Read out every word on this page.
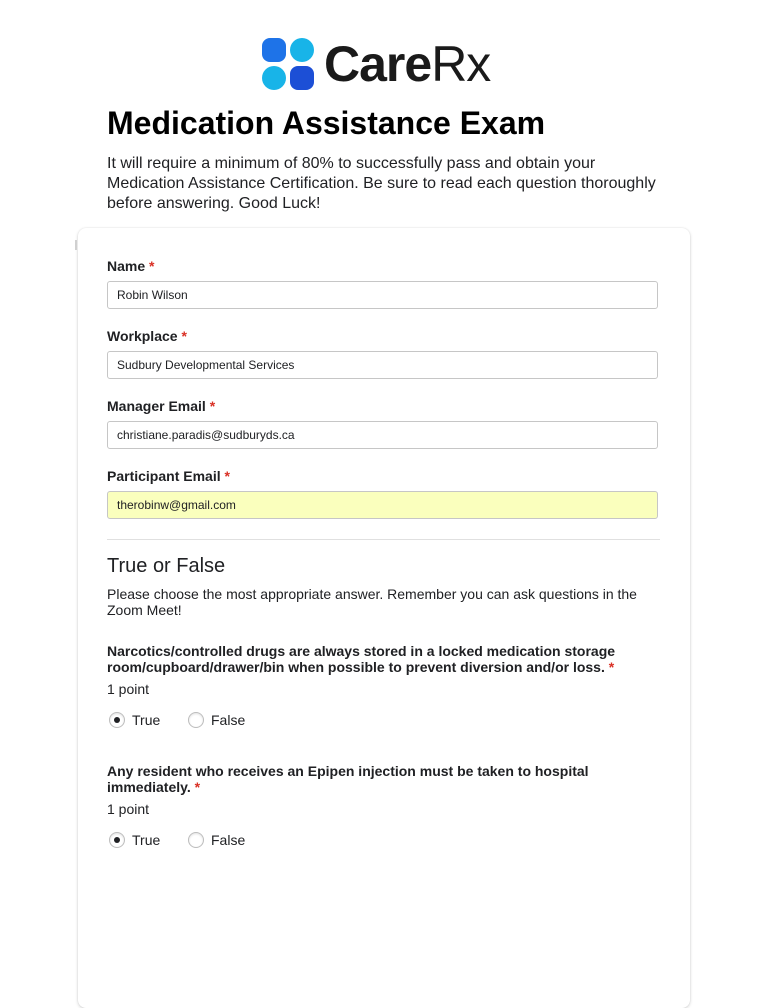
CareRx
Medication Assistance Exam

It will require a minimum of 80% to successfully pass and obtain your Medication Assistance Certification. Be sure to read each question thoroughly before answering. Good Luck!

Name *
Robin Wilson
Workplace *
Sudbury Developmental Services
Manager Email *
christiane.paradis@sudburyds.ca
Participant Email *
therobinw@gmail.com
True or False

Please choose the most appropriate answer. Remember you can ask questions in the Zoom Meet!

Narcotics/controlled drugs are always stored in a locked medication storage room/cupboard/drawer/bin when possible to prevent diversion and/or loss. *

1 point
True	False

Any resident who receives an Epipen injection must be taken to hospital immediately. *

1 point
True	False
